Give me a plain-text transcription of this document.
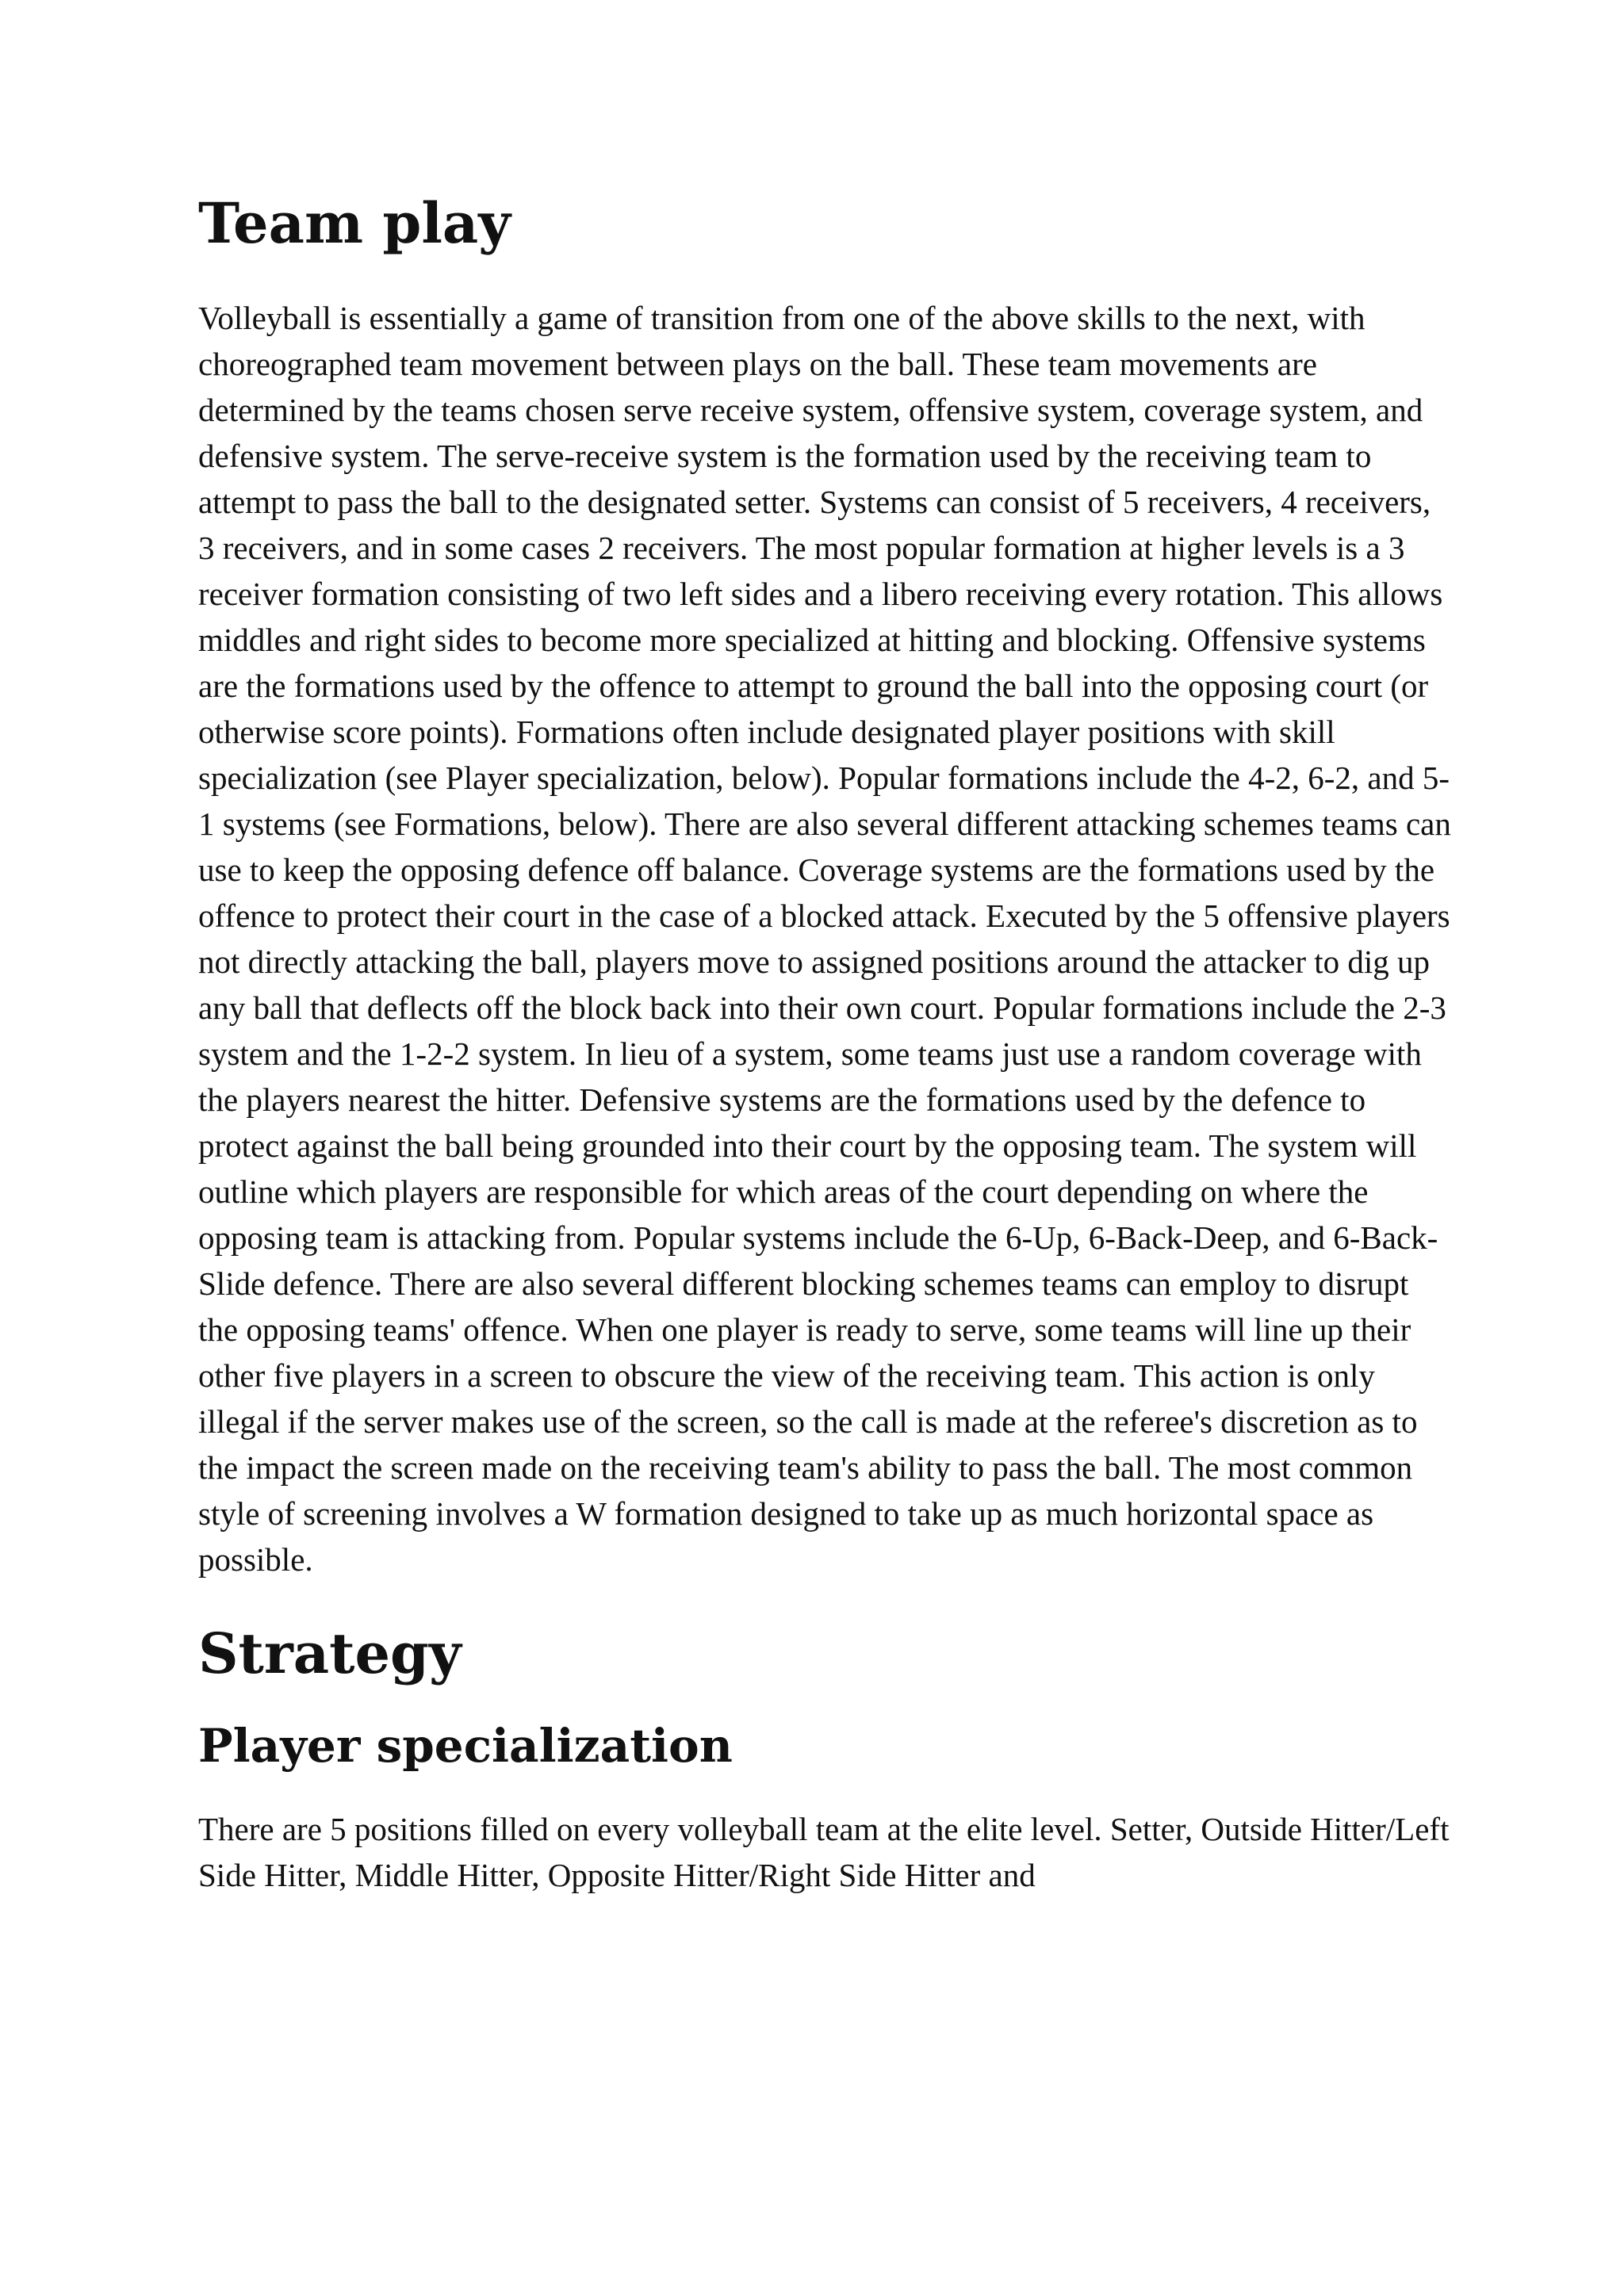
Team play

Volleyball is essentially a game of transition from one of the above skills to the next, with choreographed team movement between plays on the ball. These team movements are determined by the teams chosen serve receive system, offensive system, coverage system, and defensive system. The serve-receive system is the formation used by the receiving team to attempt to pass the ball to the designated setter. Systems can consist of 5 receivers, 4 receivers, 3 receivers, and in some cases 2 receivers. The most popular formation at higher levels is a 3 receiver formation consisting of two left sides and a libero receiving every rotation. This allows middles and right sides to become more specialized at hitting and blocking. Offensive systems are the formations used by the offence to attempt to ground the ball into the opposing court (or otherwise score points). Formations often include designated player positions with skill specialization (see Player specialization, below). Popular formations include the 4-2, 6-2, and 5-1 systems (see Formations, below). There are also several different attacking schemes teams can use to keep the opposing defence off balance. Coverage systems are the formations used by the offence to protect their court in the case of a blocked attack. Executed by the 5 offensive players not directly attacking the ball, players move to assigned positions around the attacker to dig up any ball that deflects off the block back into their own court. Popular formations include the 2-3 system and the 1-2-2 system. In lieu of a system, some teams just use a random coverage with the players nearest the hitter. Defensive systems are the formations used by the defence to protect against the ball being grounded into their court by the opposing team. The system will outline which players are responsible for which areas of the court depending on where the opposing team is attacking from. Popular systems include the 6-Up, 6-Back-Deep, and 6-Back-Slide defence. There are also several different blocking schemes teams can employ to disrupt the opposing teams' offence. When one player is ready to serve, some teams will line up their other five players in a screen to obscure the view of the receiving team. This action is only illegal if the server makes use of the screen, so the call is made at the referee's discretion as to the impact the screen made on the receiving team's ability to pass the ball. The most common style of screening involves a W formation designed to take up as much horizontal space as possible.

Strategy
Player specialization

There are 5 positions filled on every volleyball team at the elite level. Setter, Outside Hitter/Left Side Hitter, Middle Hitter, Opposite Hitter/Right Side Hitter and
